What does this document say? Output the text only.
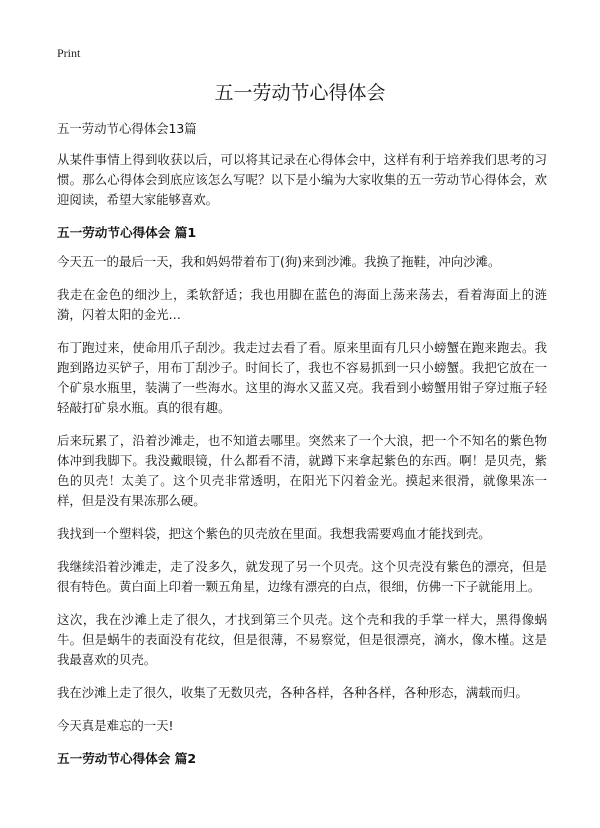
Print
五一劳动节心得体会

五一劳动节心得体会13篇

从某件事情上得到收获以后，可以将其记录在心得体会中，这样有利于培养我们思考的习惯。那么心得体会到底应该怎么写呢？以下是小编为大家收集的五一劳动节心得体会，欢迎阅读，希望大家能够喜欢。

五一劳动节心得体会 篇1

今天五一的最后一天，我和妈妈带着布丁(狗)来到沙滩。我换了拖鞋，冲向沙滩。

我走在金色的细沙上，柔软舒适；我也用脚在蓝色的海面上荡来荡去，看着海面上的涟漪，闪着太阳的金光…

布丁跑过来，使命用爪子刮沙。我走过去看了看。原来里面有几只小螃蟹在跑来跑去。我跑到路边买铲子，用布丁刮沙子。时间长了，我也不容易抓到一只小螃蟹。我把它放在一个矿泉水瓶里，装满了一些海水。这里的海水又蓝又亮。我看到小螃蟹用钳子穿过瓶子轻轻敲打矿泉水瓶。真的很有趣。

后来玩累了，沿着沙滩走，也不知道去哪里。突然来了一个大浪，把一个不知名的紫色物体冲到我脚下。我没戴眼镜，什么都看不清，就蹲下来拿起紫色的东西。啊！是贝壳，紫色的贝壳！太美了。这个贝壳非常透明，在阳光下闪着金光。摸起来很滑，就像果冻一样，但是没有果冻那么硬。

我找到一个塑料袋，把这个紫色的贝壳放在里面。我想我需要鸡血才能找到壳。

我继续沿着沙滩走，走了没多久，就发现了另一个贝壳。这个贝壳没有紫色的漂亮，但是很有特色。黄白面上印着一颗五角星，边缘有漂亮的白点，很细，仿佛一下子就能用上。

这次，我在沙滩上走了很久，才找到第三个贝壳。这个壳和我的手掌一样大，黑得像蜗牛。但是蜗牛的表面没有花纹，但是很薄，不易察觉，但是很漂亮，滴水，像木槿。这是我最喜欢的贝壳。

我在沙滩上走了很久，收集了无数贝壳，各种各样，各种各样，各种形态，满载而归。

今天真是难忘的一天!

五一劳动节心得体会 篇2
